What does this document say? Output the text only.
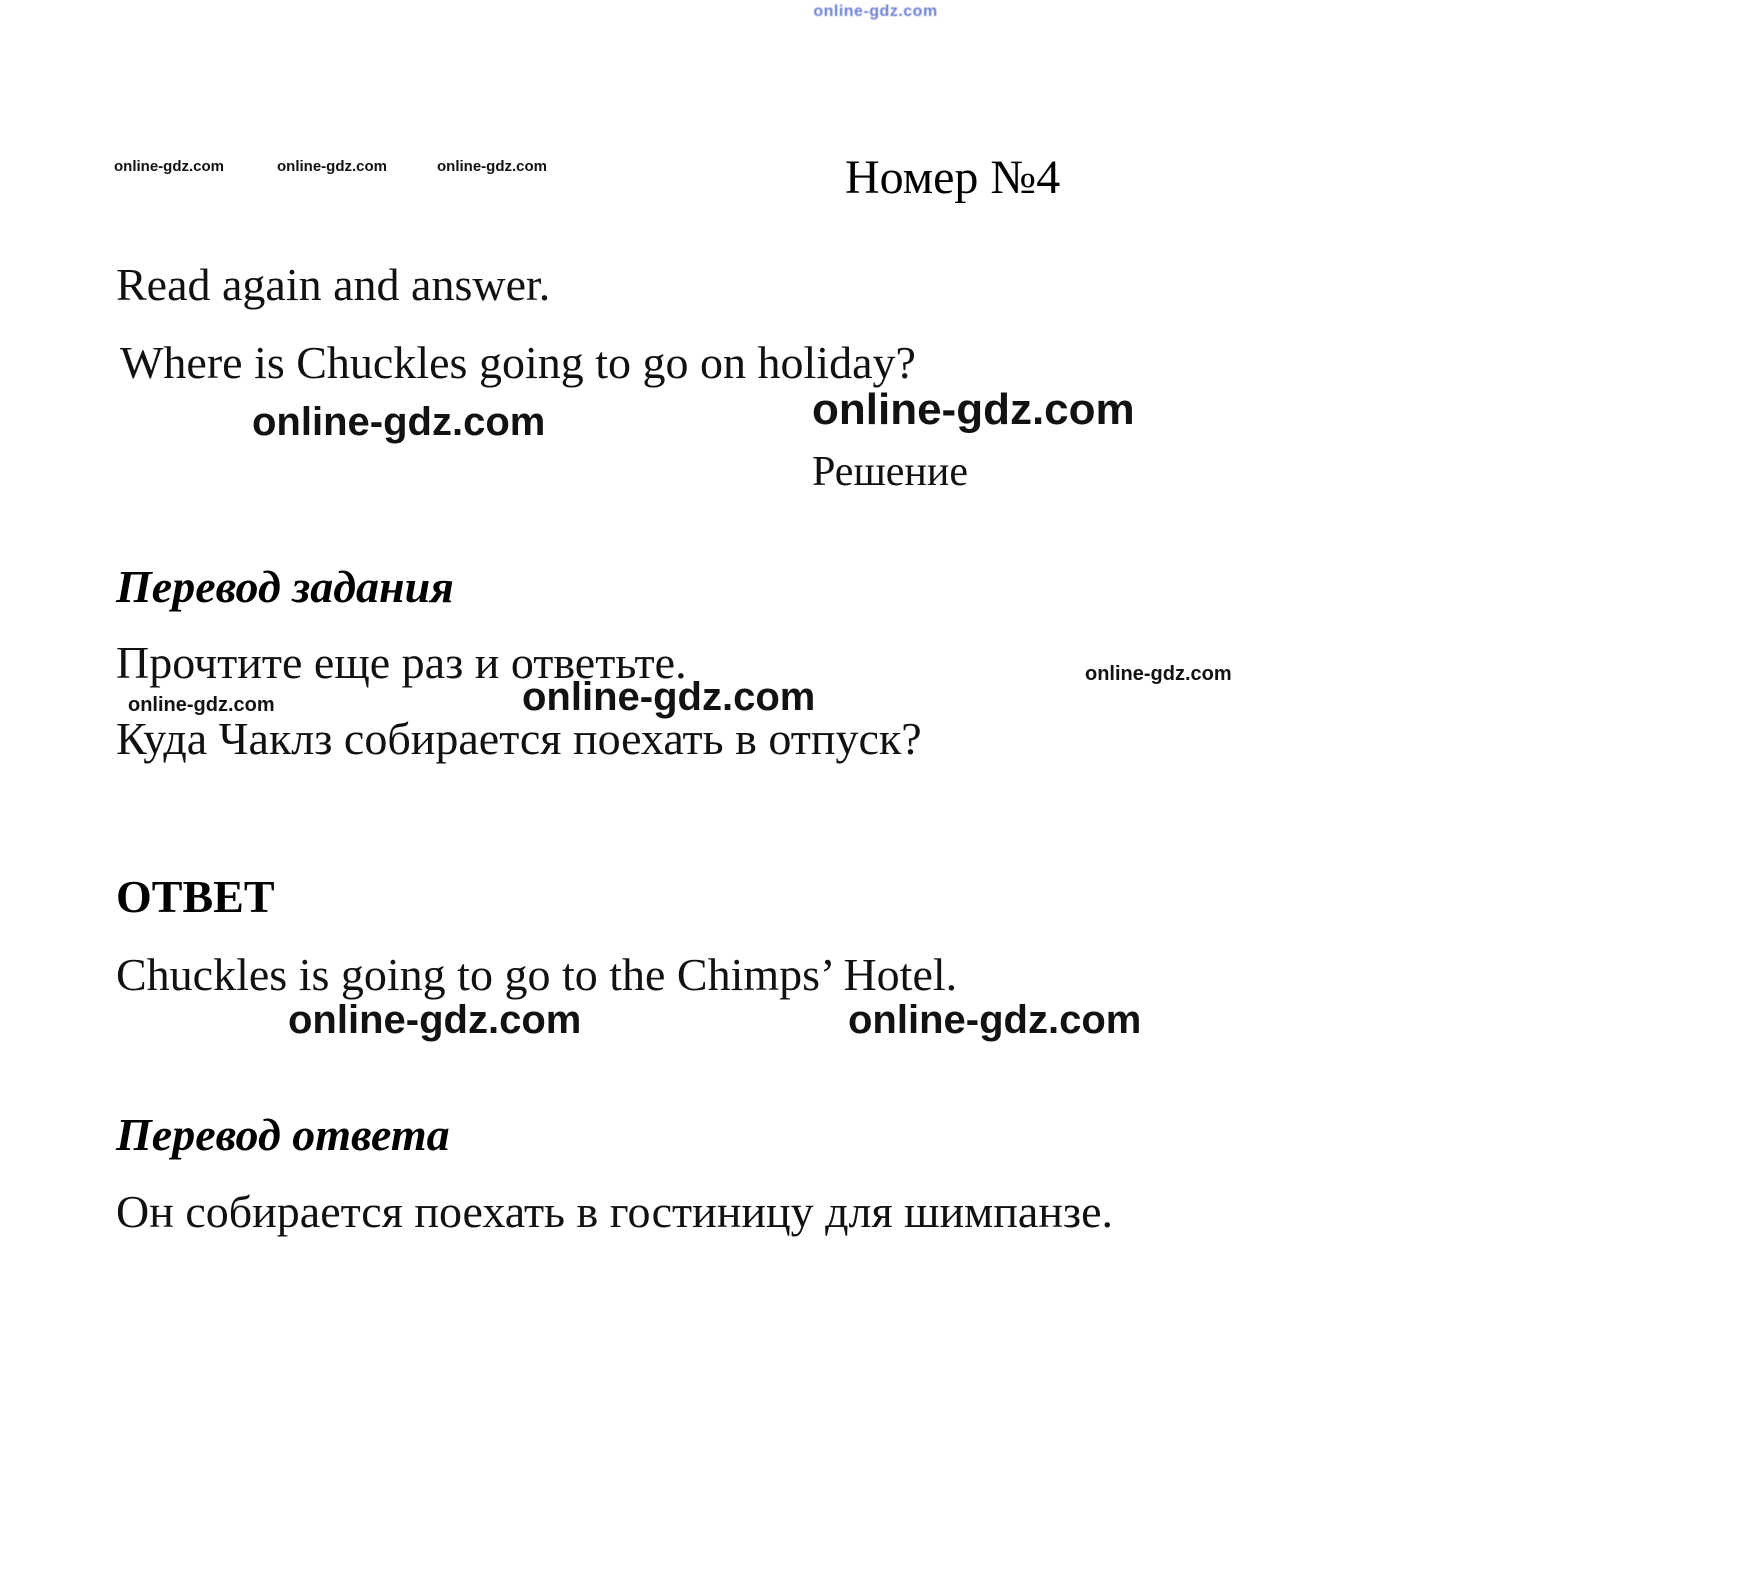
online-gdz.com
online-gdz.com	online-gdz.com	online-gdz.com	Номер №4
Read again and answer.
Where is Chuckles going to go on holiday?
online-gdz.com	online-gdz.com
Решение
Перевод задания
Прочтите еще раз и ответьте.	online-gdz.com
online-gdz.com
online-gdz.com
Куда Чаклз собирается поехать в отпуск?
ОТВЕТ
Chuckles is going to go to the Chimps’ Hotel.
online-gdz.com	online-gdz.com
Перевод ответа
Он собирается поехать в гостиницу для шимпанзе.
